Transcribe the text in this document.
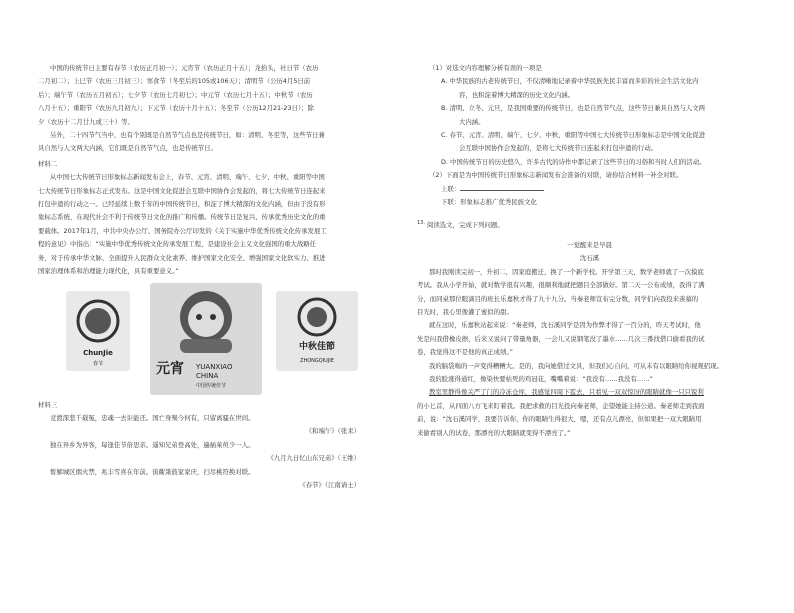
中国的传统节日主要有春节（农历正月初一）；元宵节（农历正月十五）；龙抬头，社日节（农历

二月初二）；上巳节（农历三月初三）；寒食节（冬至后的105或106天）；清明节（公历4月5日前

后）；端午节（农历五月初五）；七夕节（农历七月初七）；中元节（农历七月十五）；中秋节（农历

八月十五）；重阳节（农历九月初九）；下元节（农历十月十五）；冬至节（公历12月21-23日）；除

夕（农历十二月廿九或三十）等。

另外，二十四节气当中，也有个别既是自然节气点也是传统节日，如：清明、冬至等，这些节日兼

具自然与人文两大内涵，它们既是自然节气点，也是传统节日。

材料二

从中国七大传统节日形象标志新闻发布会上，春节、元宵、清明、端午、七夕、中秋、重阳等中国

七大传统节日形象标志正式发布。这是中国文化促进会互联中国协作会发起的，将七大传统节日连起来

打包申遗的行动之一。已经延续上数千年的中国传统节日，积淀了博大精深的文化内涵，但由于没有形

象标志系统，在现代社会不利于传统节日文化的推广和传播。传统节日是复兴、传承优秀历史文化的重

要载体。2017年1月，中共中央办公厅、国务院办公厅印发的《关于实施中华优秀传统文化传承发展工

程的意见》中指出：“实施中华优秀传统文化传承发展工程，是建设社会主义文化强国的重大战略任

务，对于传承中华文脉、全面提升人民群众文化素养、维护国家文化安全、增强国家文化软实力、推进

国家治理体系和治理能力现代化，具有重要意义。”

ChunJie
春节	元宵	YUANXIAO
CHINA
中国传统佳节
中秋佳節
ZHONGQIUJIE

材料三

竞渡深悲千载冤，忠魂一去讵能还。国亡身殒今何有，只留离骚在世间。

《和端午》（张耒）

独在异乡为异客，每逢佳节倍思亲。遥知兄弟登高处，遍插茱萸少一人。

《九月九日忆山东兄弟》（王维）

暂解城区烟火禁，兆丰雪喜在年前。街衢箫鼓家家庆，扫尽桃符换对联。

《春节》（江南请士）

（1）对选文内容理解分析有误的一项是

A. 中华民族的古老传统节日，不仅清晰地记录着中华民族先民丰富而多彩的社会生活文化内

容，也积淀着博大精深的历史文化内涵。

B. 清明、立冬、元旦，是我国重要的传统节日，也是自然节气点，这些节日兼具自然与人文两

大内涵。

C. 春节、元宵、清明、端午、七夕、中秋、重阳等中国七大传统节日形象标志是中国文化促进

会互联中国协作会发起的，是将七大传统节日连起来打包申遗的行动。

D. 中国传统节日的历史悠久，许多古代的诗作中都记录了这些节日的习俗和当时人们的活动。

（2）下面是为中国传统节日形象标志新闻发布会准备的对联，请你结合材料一补全对联。

上联：

下联：形象标志推广优秀民族文化

$^{13.}$ 阅读选文，完成下列问题。

一觉醒来是早晨

沈石溪

那时我刚读完初一，升初二，因家庭搬迁，换了一个新学校。开学第三天，数学老师就了一次摸底

考试。我从小学开始，就对数学很有兴趣，很顺利地就把题目全部做好。第二天一公布成绩，我得了满

分，而同桌那位眼滴目的班长乐嘉秋才得了九十九分。当秦老师宣布完分数，同学们向我投来羡慕的

目光时，我心里像灌了蜜似的甜。

就在这时，乐嘉秋站起来说：“秦老师，沈石溪同学是因为作弊才得了一百分的，昨天考试时，他

先是问我借橡皮擦，后来又说问了带量角器，一会儿又说钢笔没了墨水……几次三番找借口偷看我的试

卷，我觉得这不是他的真正成绩。”

我的脑袋嗡的一声变得糟糟大。是的，我向她借过文具，但我们心自问，可从未有以眼睛给你视观招现。

我的脸涨得通红，像染快要枯死的鸡冠花，嘴嘴着说：“我没有……我没有……”

教室里静得像关严了门的冷冻仓库，我感觉四周下雹去，只看见一双双惊讶的眼睛就像一只只锐利

的小匕首，从四面八方飞来盯着我。我把求救的目光投向秦老师，企望她能主持公道。秦老师走到我面

前，说：“沈石溪同学，我要告诉你，你的眼睛生得很大，嗯，还有点儿漂亮，但如果把一双大眼睛用

来偷看别人的试卷，那漂亮的大眼睛就变得不漂亮了。”
